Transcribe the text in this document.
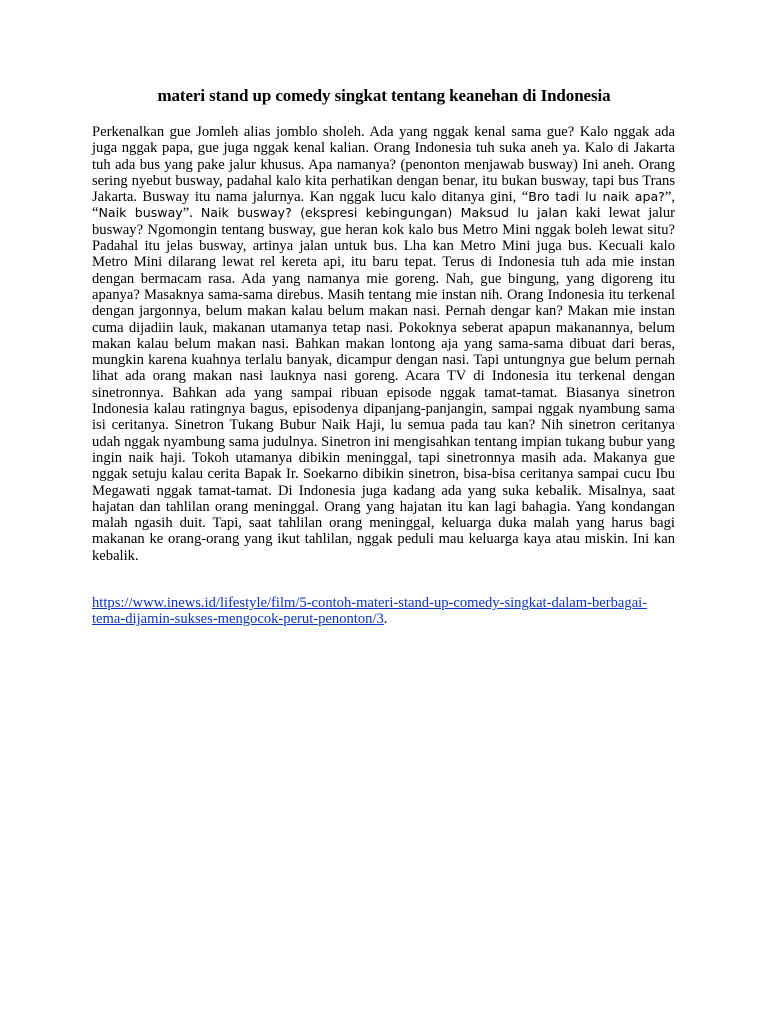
materi stand up comedy singkat tentang keanehan di Indonesia

Perkenalkan gue Jomleh alias jomblo sholeh. Ada yang nggak kenal sama gue? Kalo nggak ada juga nggak papa, gue juga nggak kenal kalian. Orang Indonesia tuh suka aneh ya. Kalo di Jakarta tuh ada bus yang pake jalur khusus. Apa namanya? (penonton menjawab busway) Ini aneh. Orang sering nyebut busway, padahal kalo kita perhatikan dengan benar, itu bukan busway, tapi bus Trans Jakarta. Busway itu nama jalurnya. Kan nggak lucu kalo ditanya gini, “Bro tadi lu naik apa?”, “Naik busway”. Naik busway? (ekspresi kebingungan) Maksud lu jalan kaki lewat jalur busway? Ngomongin tentang busway, gue heran kok kalo bus Metro Mini nggak boleh lewat situ? Padahal itu jelas busway, artinya jalan untuk bus. Lha kan Metro Mini juga bus. Kecuali kalo Metro Mini dilarang lewat rel kereta api, itu baru tepat. Terus di Indonesia tuh ada mie instan dengan bermacam rasa. Ada yang namanya mie goreng. Nah, gue bingung, yang digoreng itu apanya? Masaknya sama-sama direbus. Masih tentang mie instan nih. Orang Indonesia itu terkenal dengan jargonnya, belum makan kalau belum makan nasi. Pernah dengar kan? Makan mie instan cuma dijadiin lauk, makanan utamanya tetap nasi. Pokoknya seberat apapun makanannya, belum makan kalau belum makan nasi. Bahkan makan lontong aja yang sama-sama dibuat dari beras, mungkin karena kuahnya terlalu banyak, dicampur dengan nasi. Tapi untungnya gue belum pernah lihat ada orang makan nasi lauknya nasi goreng. Acara TV di Indonesia itu terkenal dengan sinetronnya. Bahkan ada yang sampai ribuan episode nggak tamat-tamat. Biasanya sinetron Indonesia kalau ratingnya bagus, episodenya dipanjang-panjangin, sampai nggak nyambung sama isi ceritanya. Sinetron Tukang Bubur Naik Haji, lu semua pada tau kan? Nih sinetron ceritanya udah nggak nyambung sama judulnya. Sinetron ini mengisahkan tentang impian tukang bubur yang ingin naik haji. Tokoh utamanya dibikin meninggal, tapi sinetronnya masih ada. Makanya gue nggak setuju kalau cerita Bapak Ir. Soekarno dibikin sinetron, bisa-bisa ceritanya sampai cucu Ibu Megawati nggak tamat-tamat. Di Indonesia juga kadang ada yang suka kebalik. Misalnya, saat hajatan dan tahlilan orang meninggal. Orang yang hajatan itu kan lagi bahagia. Yang kondangan malah ngasih duit. Tapi, saat tahlilan orang meninggal, keluarga duka malah yang harus bagi makanan ke orang-orang yang ikut tahlilan, nggak peduli mau keluarga kaya atau miskin. Ini kan kebalik.

https://www.inews.id/lifestyle/film/5-contoh-materi-stand-up-comedy-singkat-dalam-berbagai-tema-dijamin-sukses-mengocok-perut-penonton/3.
